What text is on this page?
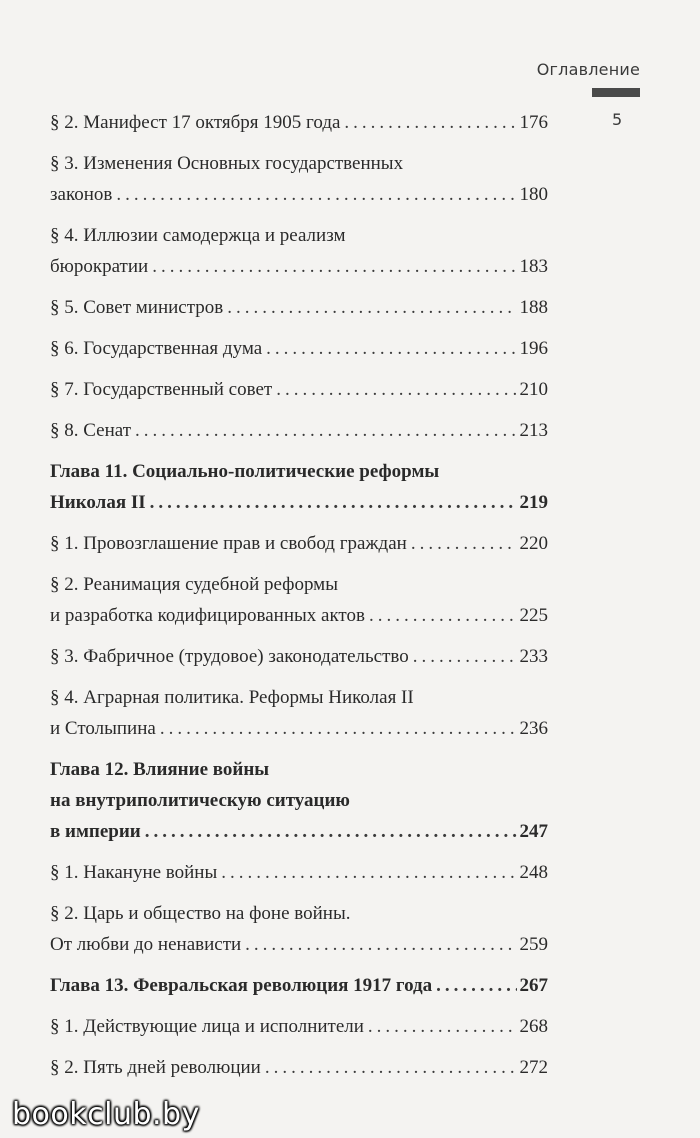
Оглавление
5
§ 2. Манифест 17 октября 1905 года .....	176
§ 3. Изменения Основных государственных
законов .....	180
§ 4. Иллюзии самодержца и реализм
бюрократии .....	183
§ 5. Совет министров .....	188
§ 6. Государственная дума .....	196
§ 7. Государственный совет .....	210
§ 8. Сенат .....	213
Глава 11. Социально-политические реформы
Николая II .....	219
§ 1. Провозглашение прав и свобод граждан .....	220
§ 2. Реанимация судебной реформы
и разработка кодифицированных актов .....	225
§ 3. Фабричное (трудовое) законодательство .....	233
§ 4. Аграрная политика. Реформы Николая II
и Столыпина .....	236
Глава 12. Влияние войны
на внутриполитическую ситуацию
в империи .....	247
§ 1. Накануне войны .....	248
§ 2. Царь и общество на фоне войны.
От любви до ненависти .....	259
Глава 13. Февральская революция 1917 года .....	267
§ 1. Действующие лица и исполнители .....	268
§ 2. Пять дней революции .....	272
bookclub.by
